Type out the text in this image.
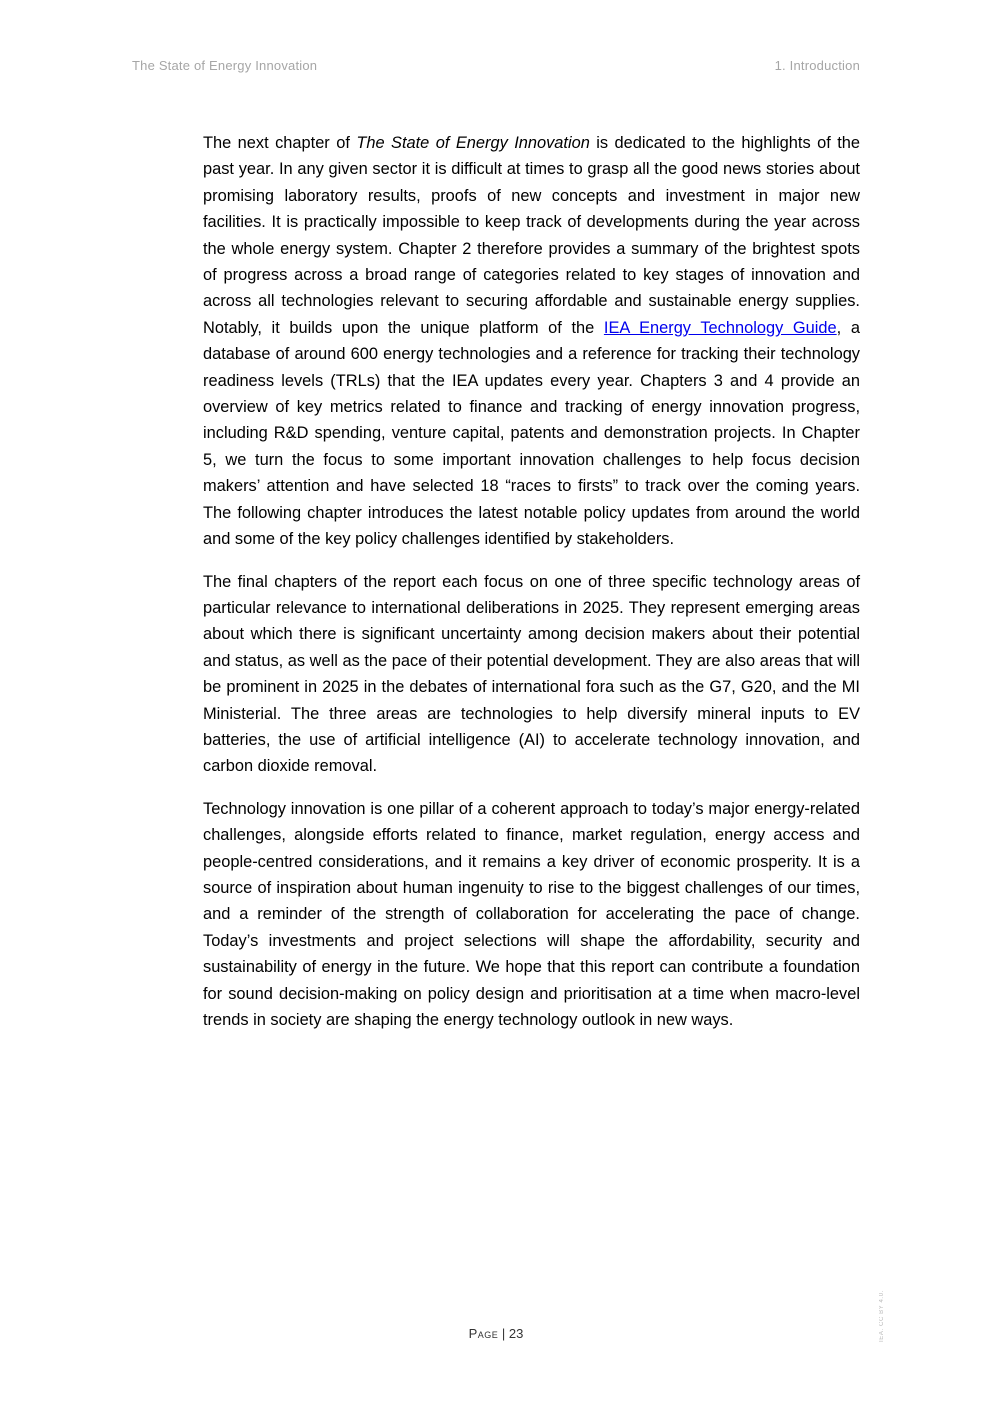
The State of Energy Innovation	1. Introduction

The next chapter of The State of Energy Innovation is dedicated to the highlights of the past year. In any given sector it is difficult at times to grasp all the good news stories about promising laboratory results, proofs of new concepts and investment in major new facilities. It is practically impossible to keep track of developments during the year across the whole energy system. Chapter 2 therefore provides a summary of the brightest spots of progress across a broad range of categories related to key stages of innovation and across all technologies relevant to securing affordable and sustainable energy supplies. Notably, it builds upon the unique platform of the IEA Energy Technology Guide, a database of around 600 energy technologies and a reference for tracking their technology readiness levels (TRLs) that the IEA updates every year. Chapters 3 and 4 provide an overview of key metrics related to finance and tracking of energy innovation progress, including R&D spending, venture capital, patents and demonstration projects. In Chapter 5, we turn the focus to some important innovation challenges to help focus decision makers’ attention and have selected 18 “races to firsts” to track over the coming years. The following chapter introduces the latest notable policy updates from around the world and some of the key policy challenges identified by stakeholders.

The final chapters of the report each focus on one of three specific technology areas of particular relevance to international deliberations in 2025. They represent emerging areas about which there is significant uncertainty among decision makers about their potential and status, as well as the pace of their potential development. They are also areas that will be prominent in 2025 in the debates of international fora such as the G7, G20, and the MI Ministerial. The three areas are technologies to help diversify mineral inputs to EV batteries, the use of artificial intelligence (AI) to accelerate technology innovation, and carbon dioxide removal.

Technology innovation is one pillar of a coherent approach to today’s major energy-related challenges, alongside efforts related to finance, market regulation, energy access and people-centred considerations, and it remains a key driver of economic prosperity. It is a source of inspiration about human ingenuity to rise to the biggest challenges of our times, and a reminder of the strength of collaboration for accelerating the pace of change. Today’s investments and project selections will shape the affordability, security and sustainability of energy in the future. We hope that this report can contribute a foundation for sound decision-making on policy design and prioritisation at a time when macro-level trends in society are shaping the energy technology outlook in new ways.

Page | 23	IEA. CC BY 4.0.
